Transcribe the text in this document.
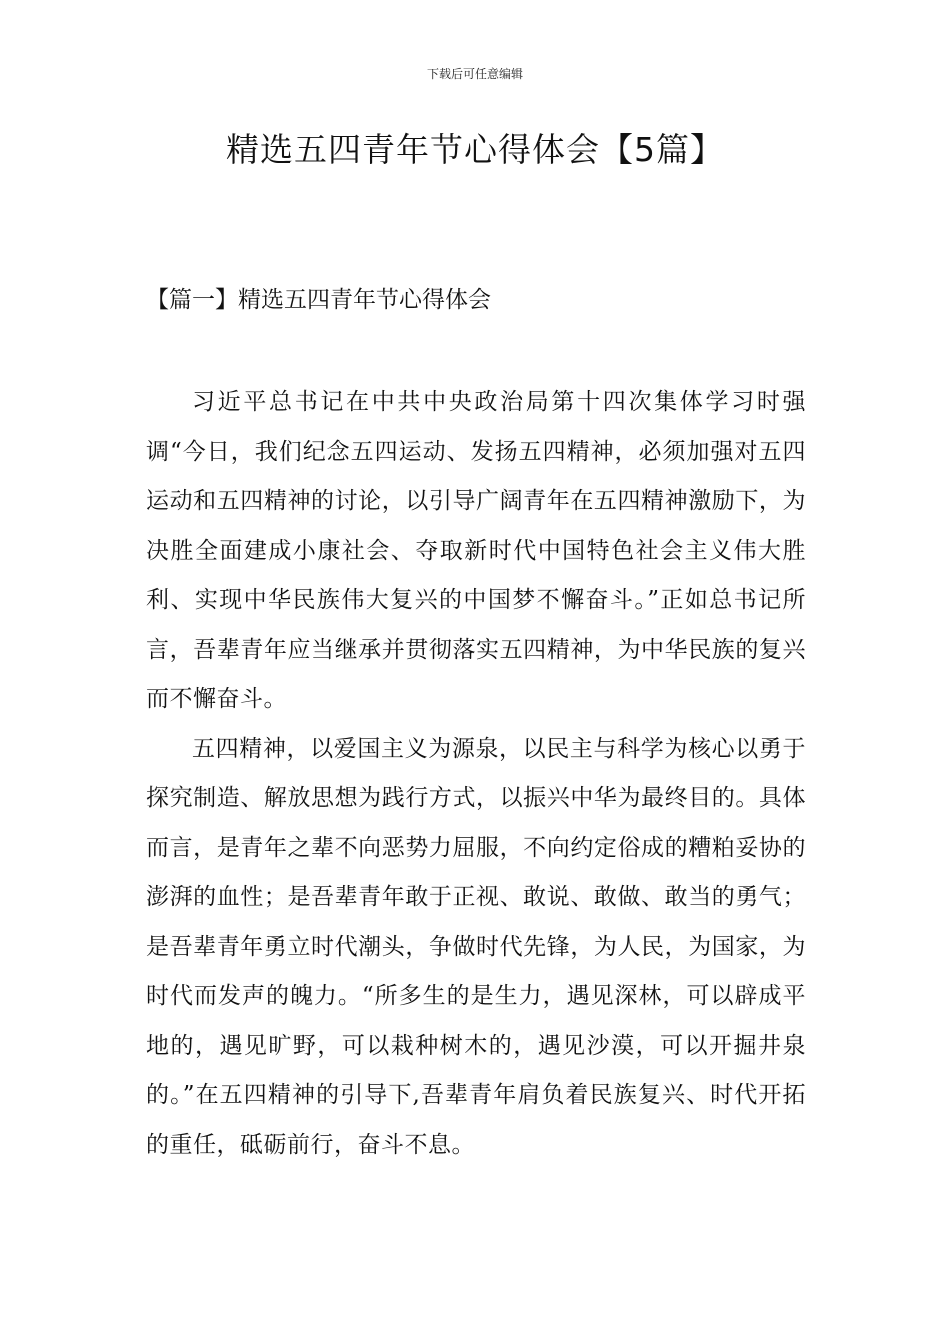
下载后可任意编辑
精选五四青年节心得体会【5篇】
【篇一】精选五四青年节心得体会

习近平总书记在中共中央政治局第十四次集体学习时强调“今日，我们纪念五四运动、发扬五四精神，必须加强对五四运动和五四精神的讨论，以引导广阔青年在五四精神激励下，为决胜全面建成小康社会、夺取新时代中国特色社会主义伟大胜利、实现中华民族伟大复兴的中国梦不懈奋斗。”正如总书记所言，吾辈青年应当继承并贯彻落实五四精神，为中华民族的复兴而不懈奋斗。

五四精神，以爱国主义为源泉，以民主与科学为核心以勇于探究制造、解放思想为践行方式，以振兴中华为最终目的。具体而言，是青年之辈不向恶势力屈服，不向约定俗成的糟粕妥协的澎湃的血性；是吾辈青年敢于正视、敢说、敢做、敢当的勇气；是吾辈青年勇立时代潮头，争做时代先锋，为人民，为国家，为时代而发声的魄力。“所多生的是生力，遇见深林，可以辟成平地的，遇见旷野，可以栽种树木的，遇见沙漠，可以开掘井泉的。”在五四精神的引导下,吾辈青年肩负着民族复兴、时代开拓的重任，砥砺前行，奋斗不息。
